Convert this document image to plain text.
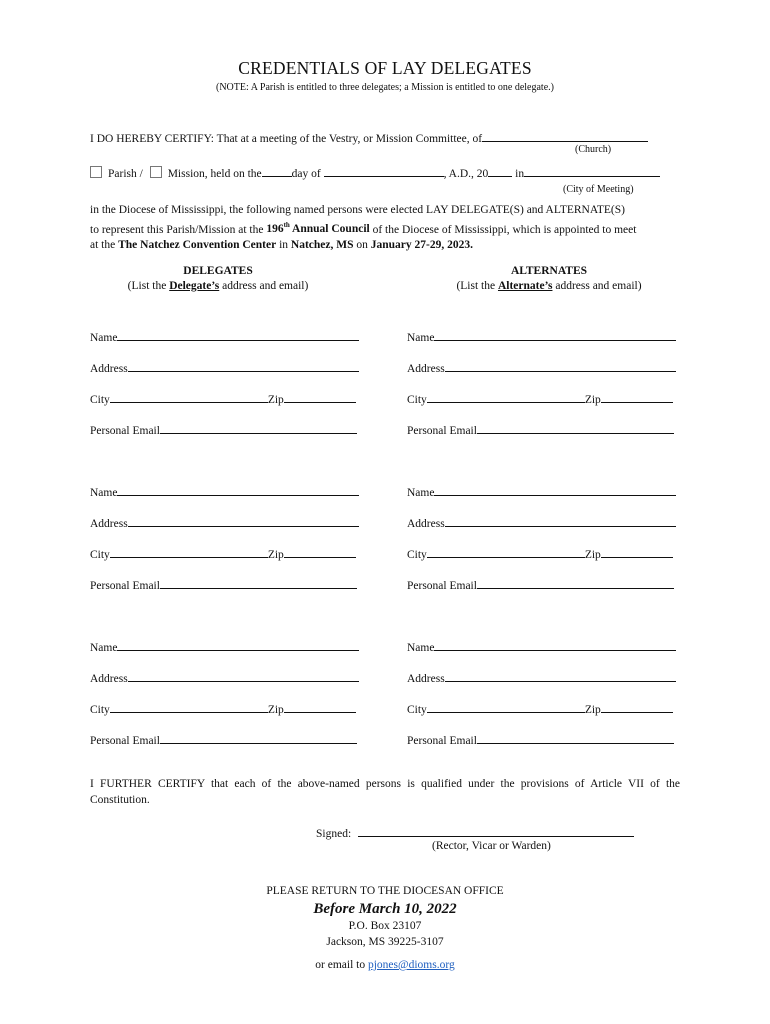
CREDENTIALS OF LAY DELEGATES
(NOTE: A Parish is entitled to three delegates; a Mission is entitled to one delegate.)
I DO HEREBY CERTIFY: That at a meeting of the Vestry, or Mission Committee, of
(Church)
Parish / Mission, held on the	day of	, A.D., 20 in
(City of Meeting)
in the Diocese of Mississippi, the following named persons were elected LAY DELEGATE(S) and ALTERNATE(S)
to represent this Parish/Mission at the 196th Annual Council of the Diocese of Mississippi, which is appointed to meet
at the The Natchez Convention Center in Natchez, MS on January 27-29, 2023.
DELEGATES
(List the Delegate’s address and email)
ALTERNATES
(List the Alternate’s address and email)
Name
Address
City	Zip
Personal Email
Name
Address
City	Zip
Personal Email
Name
Address
City	Zip
Personal Email
Name
Address
City	Zip
Personal Email
Name
Address
City	Zip
Personal Email
Name
Address
City	Zip
Personal Email
I FURTHER CERTIFY that each of the above-named persons is qualified under the provisions of Article VII of the Constitution.
Signed:
(Rector, Vicar or Warden)
PLEASE RETURN TO THE DIOCESAN OFFICE
Before March 10, 2022
P.O. Box 23107
Jackson, MS 39225-3107
or email to pjones@dioms.org
